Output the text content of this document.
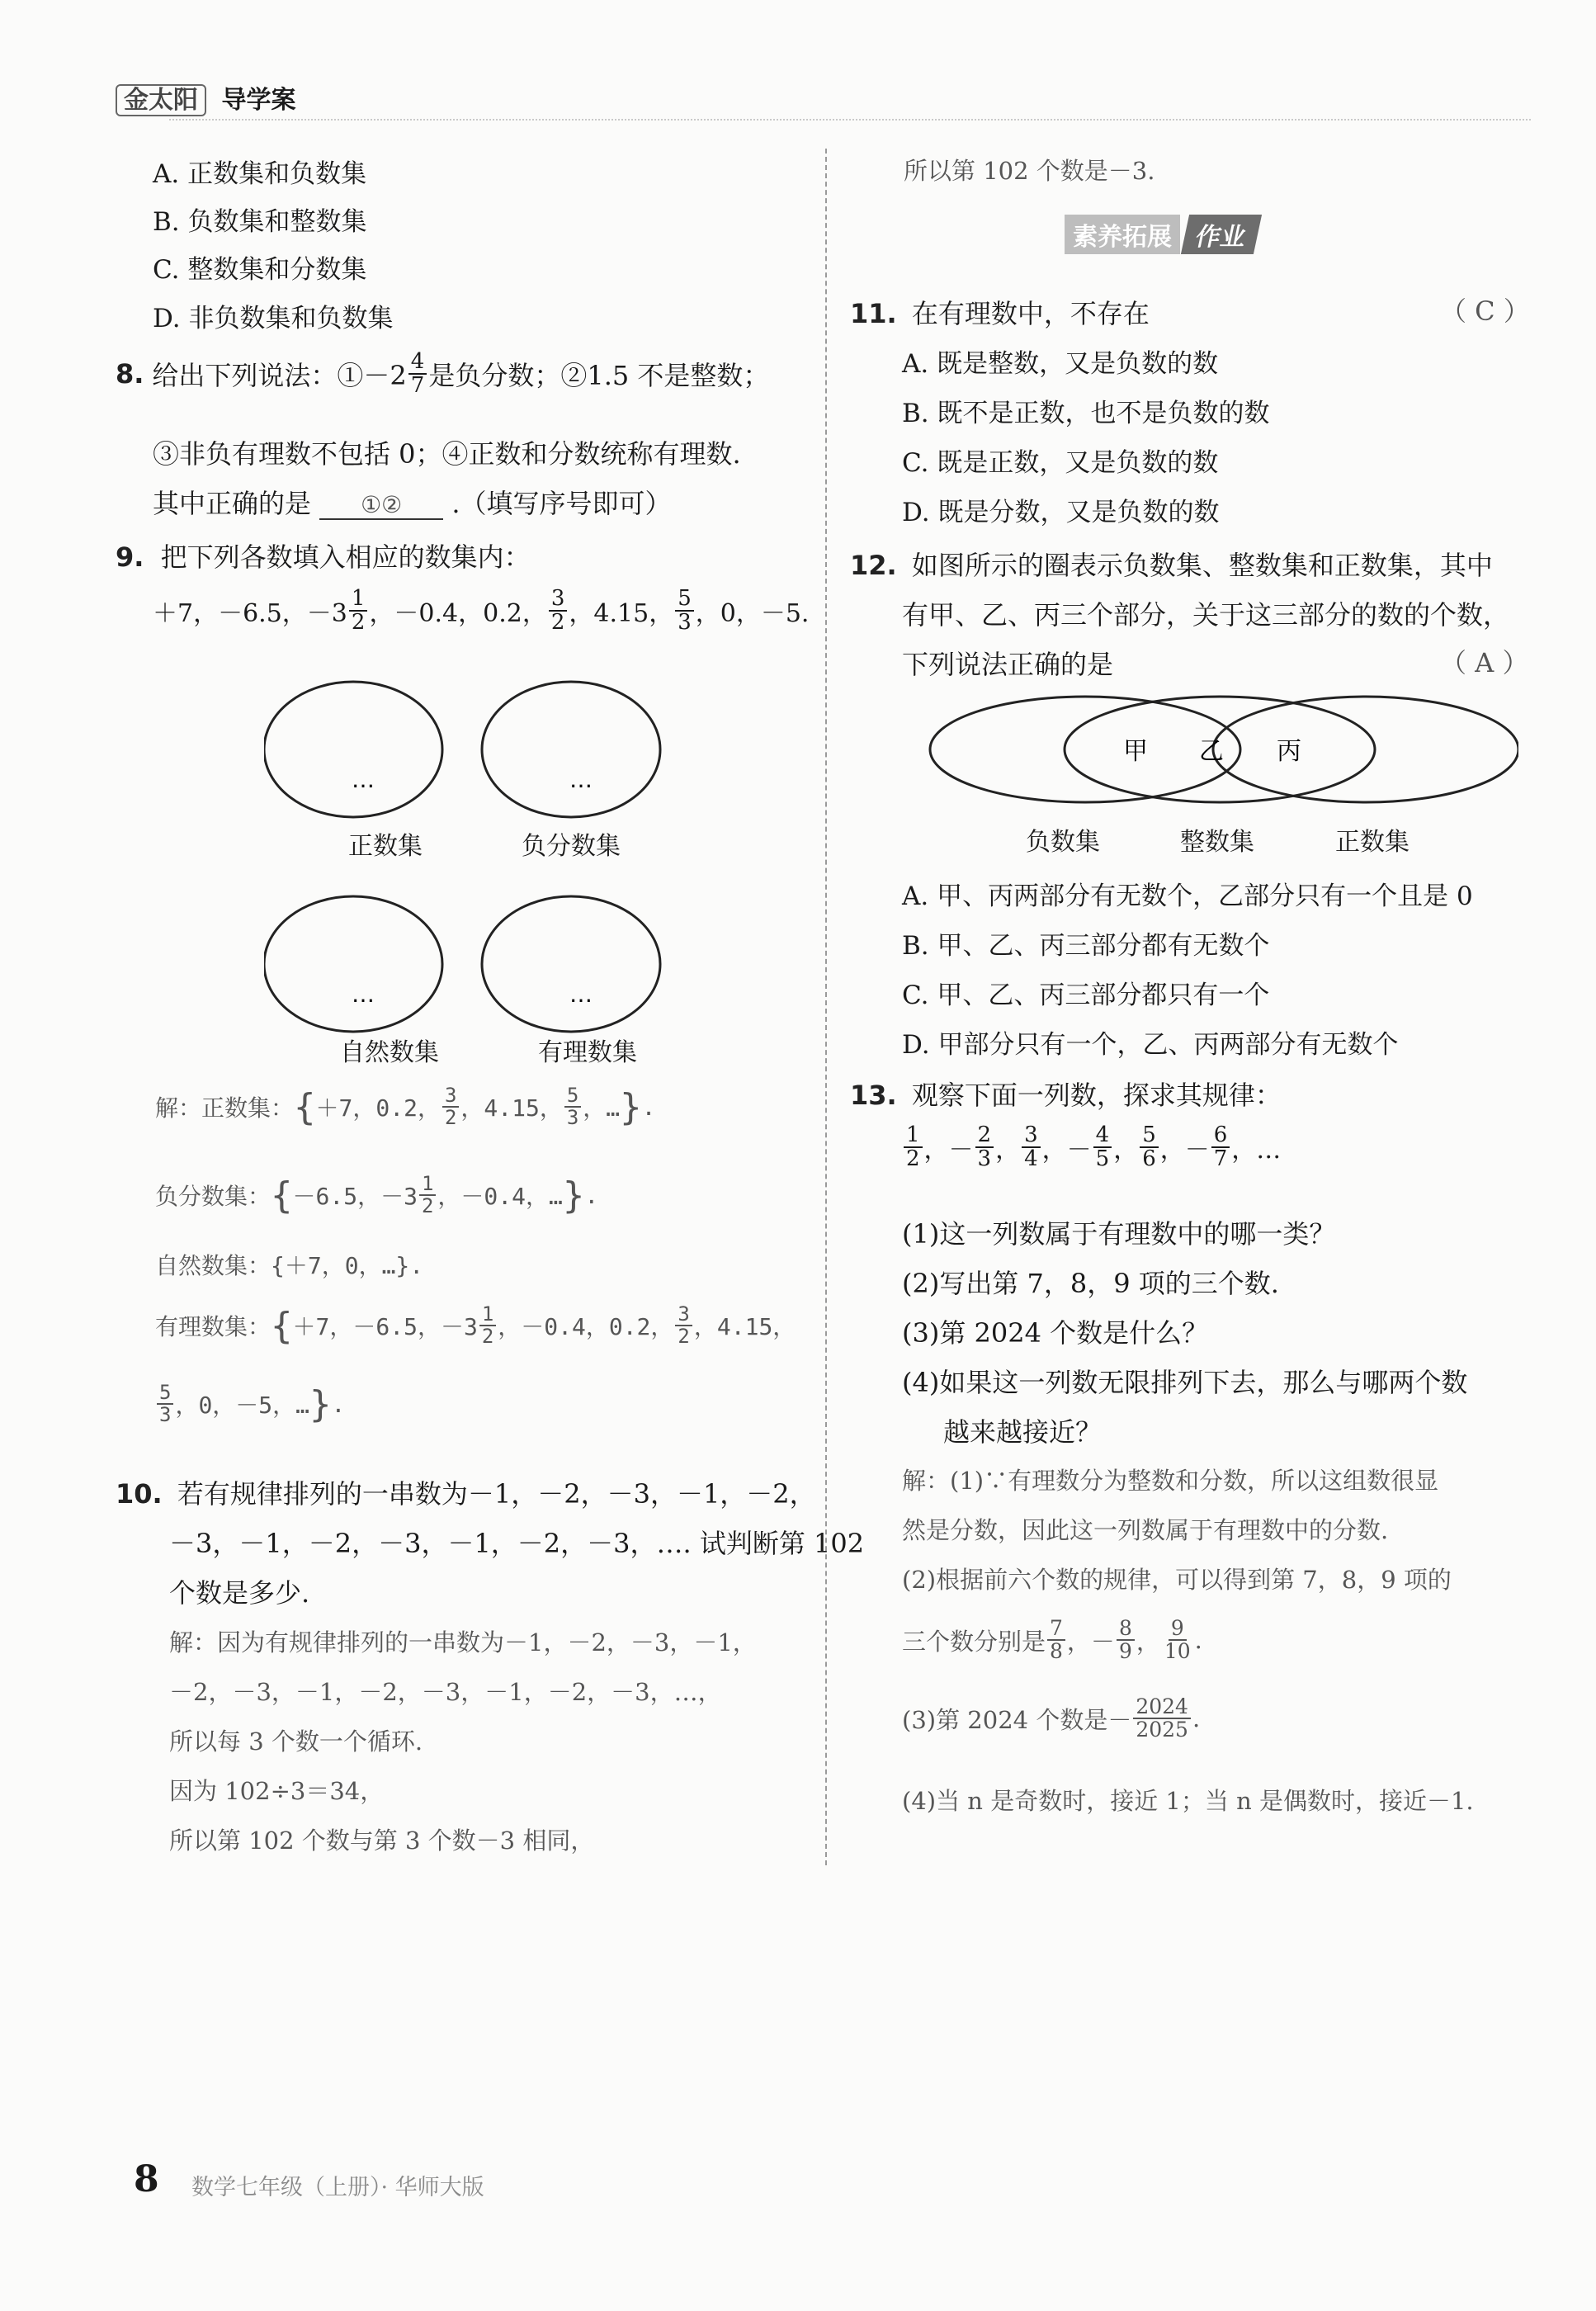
金太阳 导学案
A. 正数集和负数集
B. 负数集和整数集
C. 整数集和分数集
D. 非负数集和负数集
8. 给出下列说法：①－2 $\frac{4}{7}$ 是负分数；②1.5 不是整数；
③非负有理数不包括 0；④正数和分数统称有理数.
其中正确的是 ①② .（填写序号即可）
9. 把下列各数填入相应的数集内：
＋7，－6.5，$-3 \frac{1}{2}$ ，－0.4，0.2， $\frac{3}{2}$ ，4.15， $\frac{5}{3}$ ，0，－5.
…	…
…	…
正数集	负分数集
自然数集	有理数集
解：正数集： { ＋7，0.2， $\frac{3}{2}$ ，4.15， $\frac{5}{3}$ ，… } .
负分数集： { －6.5，$-3 \frac{1}{2}$ ，－0.4，… } .
自然数集：{＋7，0，…}.
有理数集： { ＋7，－6.5，$-3 \frac{1}{2}$ ，－0.4，0.2， $\frac{3}{2}$ ，4.15，
$\frac{5}{3}$ ，0，－5，… } .
10. 若有规律排列的一串数为－1，－2，－3，－1，－2，
－3，－1，－2，－3，－1，－2，－3，…. 试判断第 102
个数是多少.
解：因为有规律排列的一串数为－1，－2，－3，－1，
－2，－3，－1，－2，－3，－1，－2，－3，…，
所以每 3 个数一个循环.
因为 102÷3＝34，
所以第 102 个数与第 3 个数－3 相同，
所以第 102 个数是－3.
素养拓展 作业
11. 在有理数中，不存在	（ C ）
A. 既是整数，又是负数的数
B. 既不是正数，也不是负数的数
C. 既是正数，又是负数的数
D. 既是分数，又是负数的数
12. 如图所示的圈表示负数集、整数集和正数集，其中
有甲、乙、丙三个部分，关于这三部分的数的个数，
下列说法正确的是	（ A ）
甲 乙 丙
负数集	整数集	正数集
A. 甲、丙两部分有无数个，乙部分只有一个且是 0
B. 甲、乙、丙三部分都有无数个
C. 甲、乙、丙三部分都只有一个
D. 甲部分只有一个，乙、丙两部分有无数个
13. 观察下面一列数，探求其规律：
$\frac{1}{2}$ ，－ $\frac{2}{3}$ ， $\frac{3}{4}$ ，－ $\frac{4}{5}$ ， $\frac{5}{6}$ ，－ $\frac{6}{7}$ ，…
(1)这一列数属于有理数中的哪一类？
(2)写出第 7，8，9 项的三个数.
(3)第 2024 个数是什么？
(4)如果这一列数无限排列下去，那么与哪两个数
越来越接近？
解：(1)∵有理数分为整数和分数，所以这组数很显
然是分数，因此这一列数属于有理数中的分数.
(2)根据前六个数的规律，可以得到第 7，8，9 项的
三个数分别是 $\frac{7}{8}$ ，－ $\frac{8}{9}$ ， $\frac{9}{10}$ .
(3)第 2024 个数是－ $\frac{2024}{2025}$ .
(4)当 n 是奇数时，接近 1；当 n 是偶数时，接近－1.
8 数学七年级（上册）· 华师大版
